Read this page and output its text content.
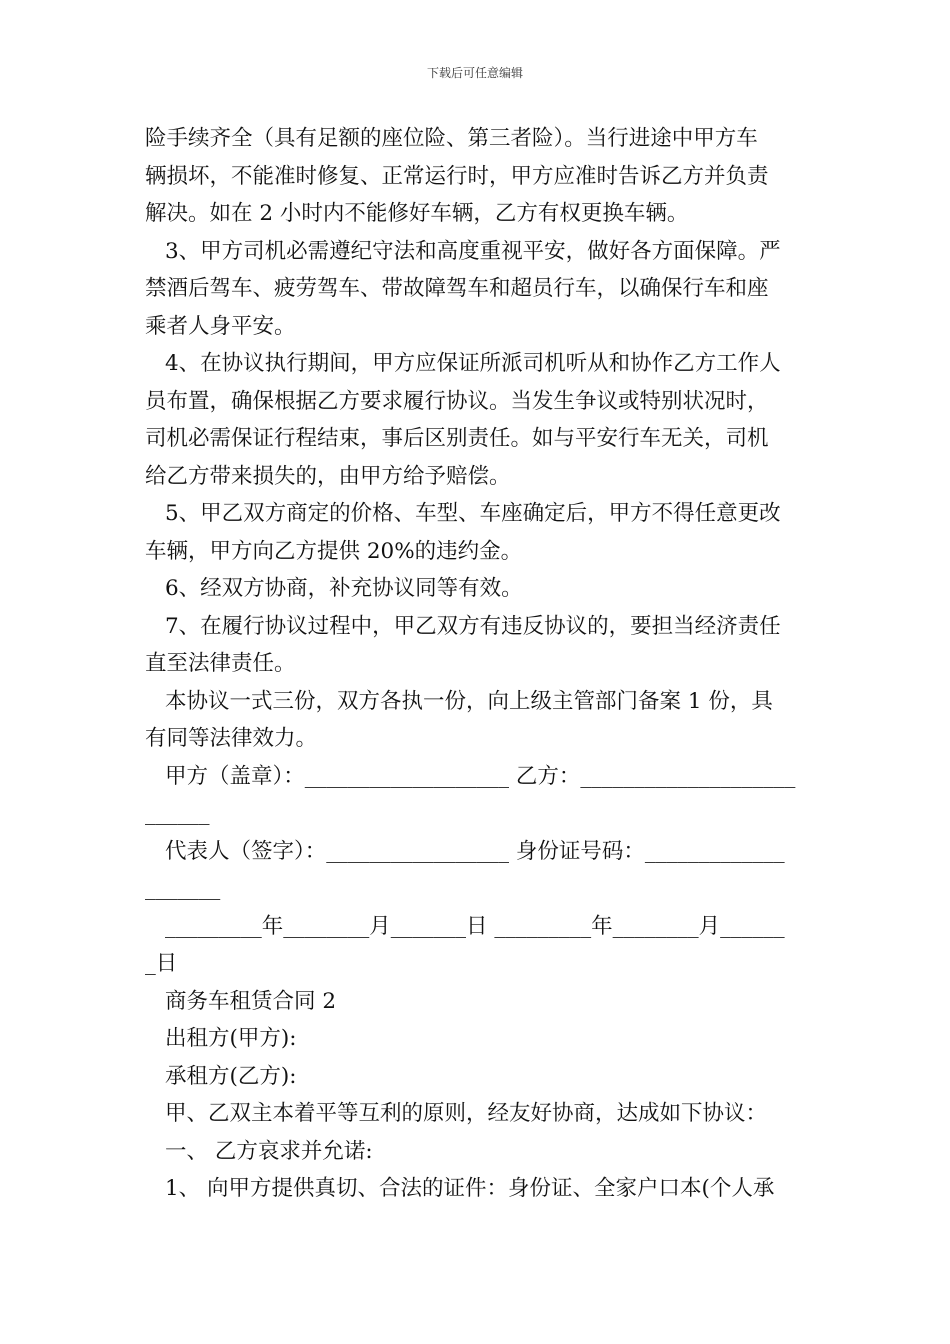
下载后可任意编辑

险手续齐全（具有足额的座位险、第三者险）。当行进途中甲方车

辆损坏，不能准时修复、正常运行时，甲方应准时告诉乙方并负责

解决。如在 2 小时内不能修好车辆，乙方有权更换车辆。

3、甲方司机必需遵纪守法和高度重视平安，做好各方面保障。严

禁酒后驾车、疲劳驾车、带故障驾车和超员行车，以确保行车和座

乘者人身平安。

4、在协议执行期间，甲方应保证所派司机听从和协作乙方工作人

员布置，确保根据乙方要求履行协议。当发生争议或特别状况时，

司机必需保证行程结束，事后区别责任。如与平安行车无关，司机

给乙方带来损失的，由甲方给予赔偿。

5、甲乙双方商定的价格、车型、车座确定后，甲方不得任意更改

车辆，甲方向乙方提供 20%的违约金。

6、经双方协商，补充协议同等有效。

7、在履行协议过程中，甲乙双方有违反协议的，要担当经济责任

直至法律责任。

本协议一式三份，双方各执一份，向上级主管部门备案 1 份，具

有同等法律效力。

甲方（盖章）：___________________ 乙方：____________________

______

代表人（签字）：_________________ 身份证号码：_____________

_______

_________年________月_______日 _________年________月______

_日

商务车租赁合同 2

出租方(甲方):

承租方(乙方):

甲、乙双主本着平等互利的原则，经友好协商，达成如下协议：

一、 乙方哀求并允诺:

1、 向甲方提供真切、合法的证件：身份证、全家户口本(个人承
